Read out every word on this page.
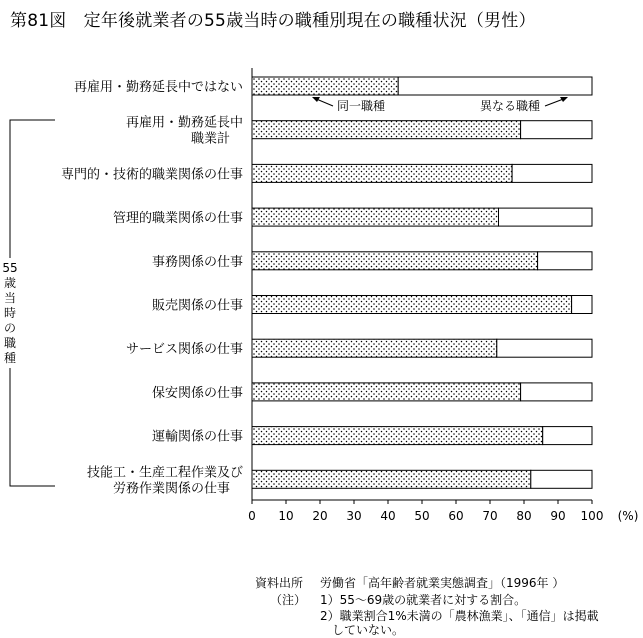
第81図　定年後就業者の55歳当時の職種別現在の職種状況（男性）
55
歳
当
時
の
職
種
0 10 20 30 40 50 60 70 80 90 100 (%)
再雇用・勤務延長中ではない
再雇用・勤務延長中
職業計
専門的・技術的職業関係の仕事
管理的職業関係の仕事
事務関係の仕事
販売関係の仕事
サービス関係の仕事
保安関係の仕事
運輸関係の仕事
技能工・生産工程作業及び
労務作業関係の仕事
同一職種	異なる職種
資料出所 労働省「高年齢者就業実態調査」（1996年 ）
（注） 1）55～69歳の就業者に対する割合。
2）職業割合1%未満の「農林漁業」、「通信」は掲載
　していない。
